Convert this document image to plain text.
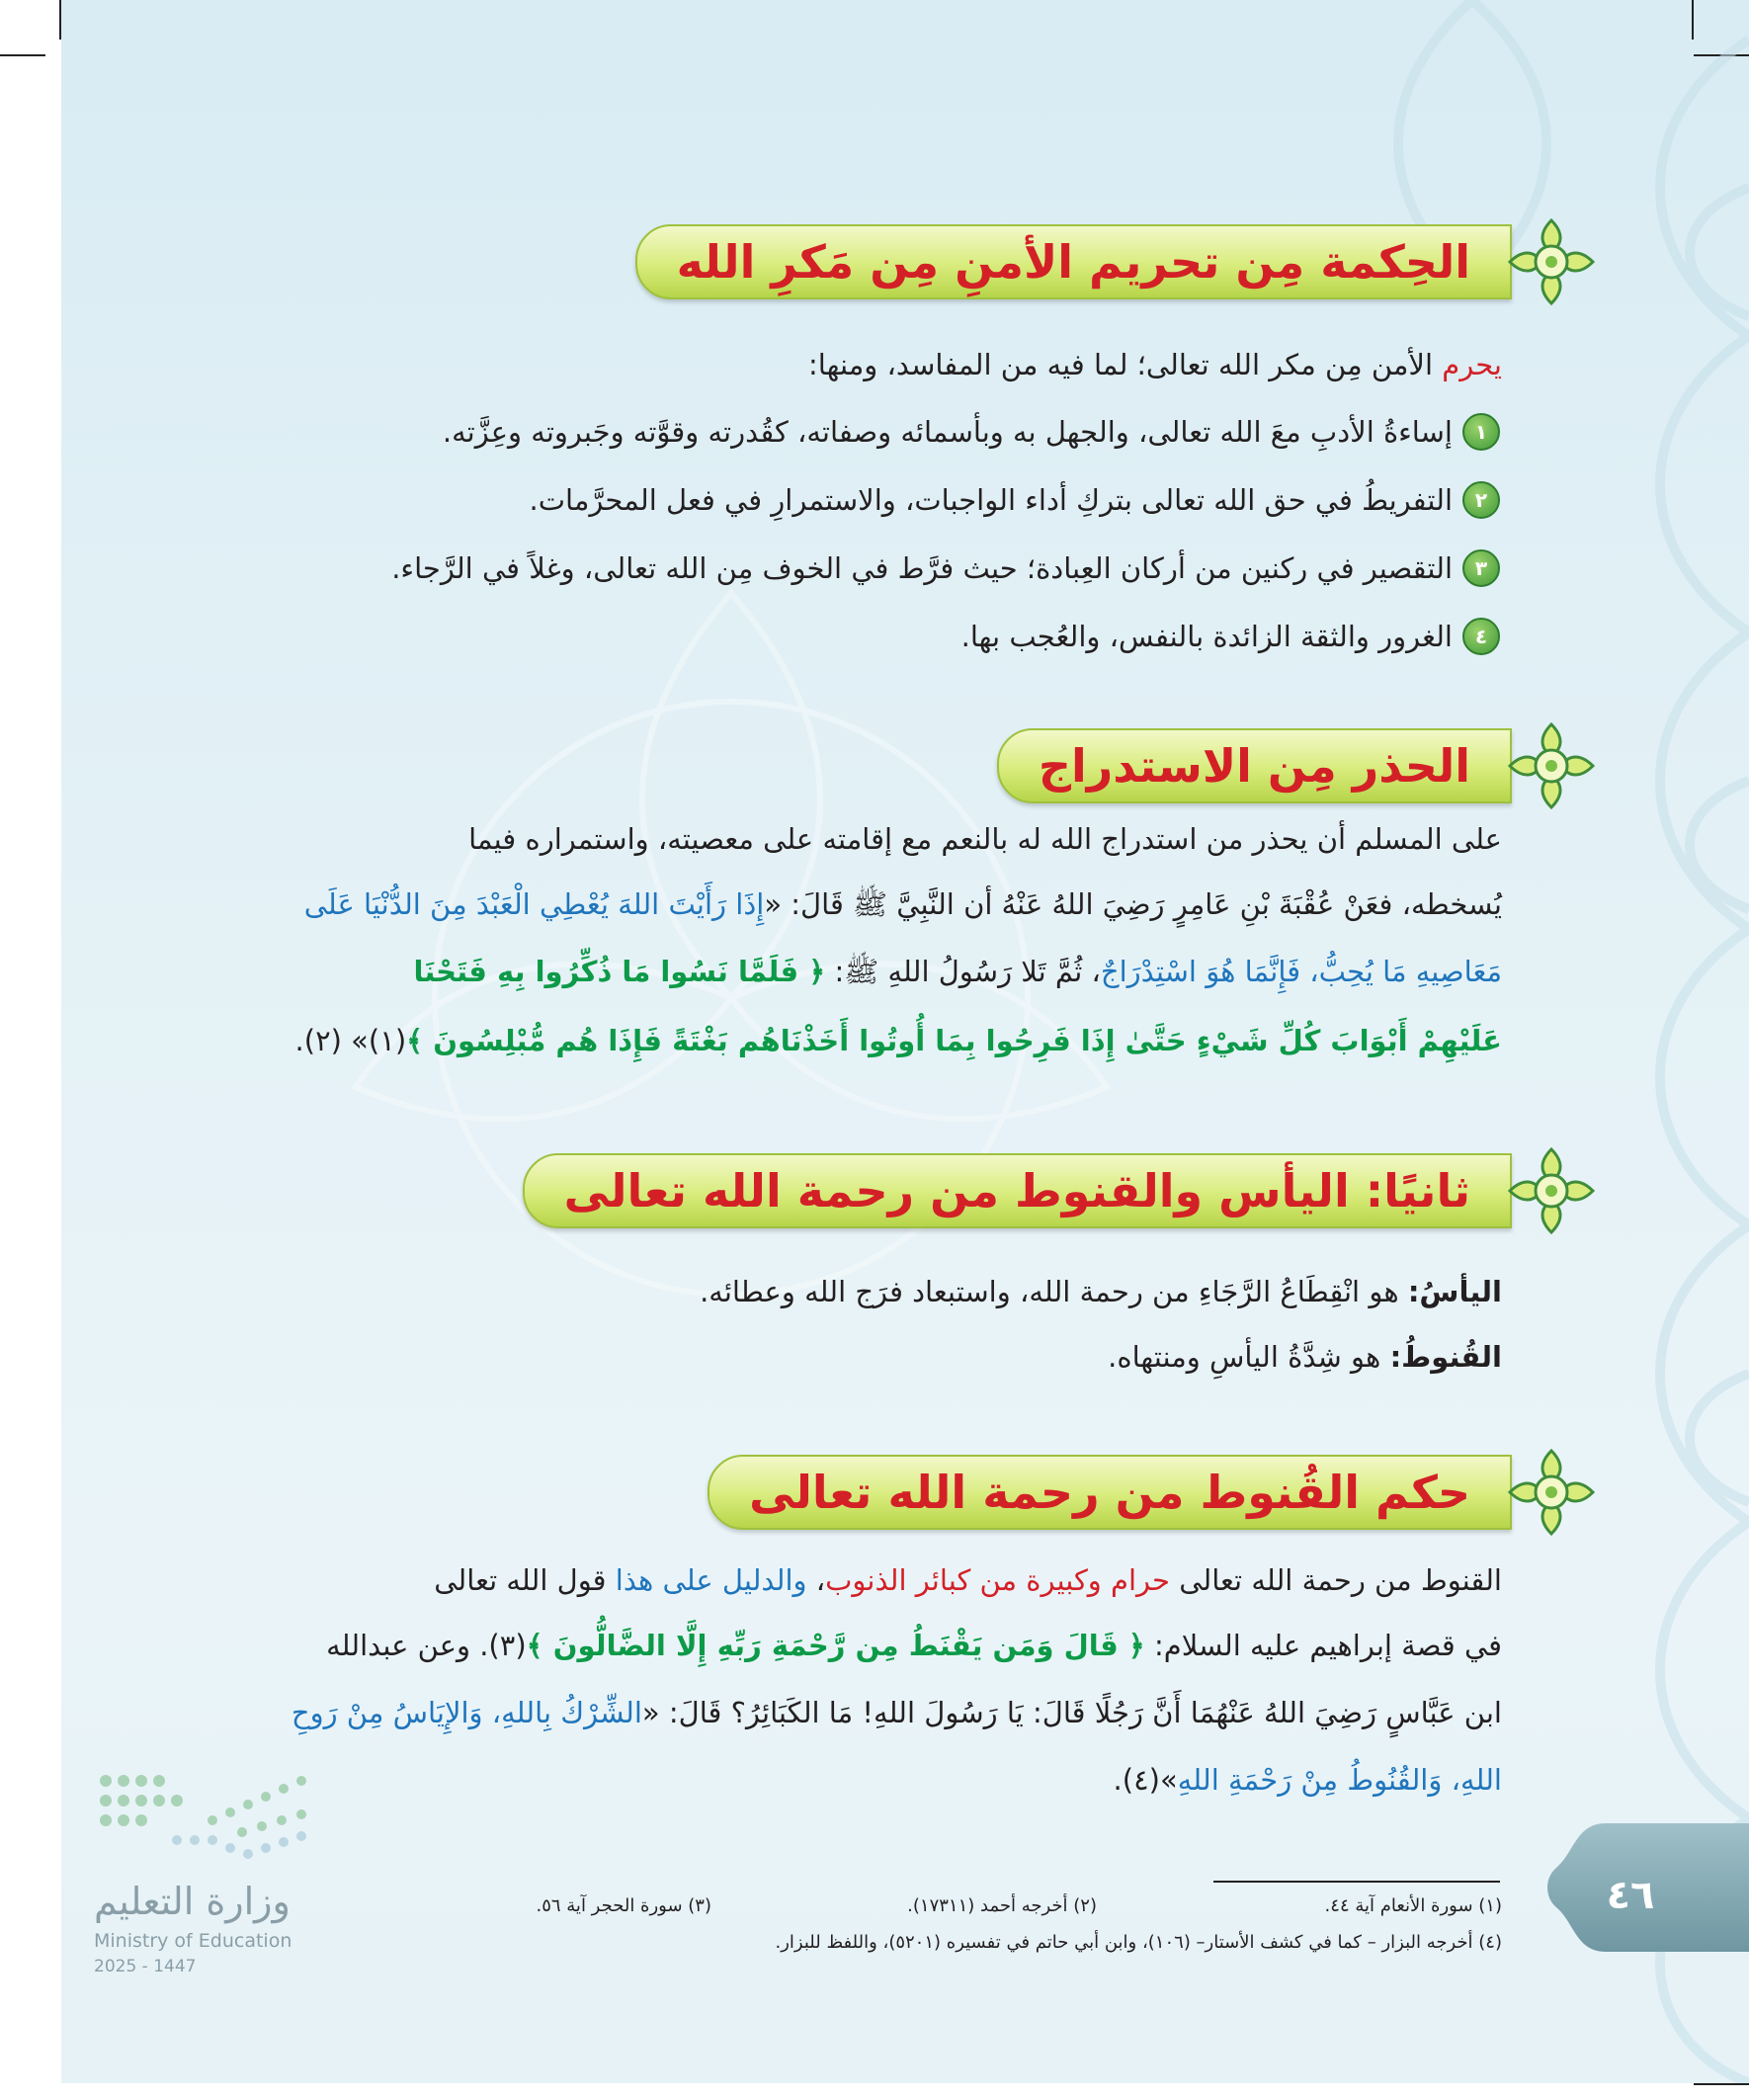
الحِكمة مِن تحريم الأمنِ مِن مَكرِ الله
يحرم الأمن مِن مكر الله تعالى؛ لما فيه من المفاسد، ومنها:
١
إساءةُ الأدبِ معَ الله تعالى، والجهل به وبأسمائه وصفاته، كقُدرته وقوَّته وجَبروته وعِزَّته.
٢
التفريطُ في حق الله تعالى بتركِ أداء الواجبات، والاستمرارِ في فعل المحرَّمات.
٣
التقصير في ركنين من أركان العِبادة؛ حيث فرَّط في الخوف مِن الله تعالى، وغلاً في الرَّجاء.
٤
الغرور والثقة الزائدة بالنفس، والعُجب بها.
الحذر مِن الاستدراج
على المسلم أن يحذر من استدراج الله له بالنعم مع إقامته على معصيته، واستمراره فيما
يُسخطه، فعَنْ عُقْبَةَ بْنِ عَامِرٍ رَضِيَ اللهُ عَنْهُ أن النَّبِيَّ ﷺ قَالَ: «إِذَا رَأَيْتَ اللهَ يُعْطِي الْعَبْدَ مِنَ الدُّنْيَا عَلَى
مَعَاصِيهِ مَا يُحِبُّ، فَإِنَّمَا هُوَ اسْتِدْرَاجٌ، ثُمَّ تَلا رَسُولُ اللهِ ﷺ: ﴿ فَلَمَّا نَسُوا مَا ذُكِّرُوا بِهِ فَتَحْنَا
عَلَيْهِمْ أَبْوَابَ كُلِّ شَيْءٍ حَتَّىٰ إِذَا فَرِحُوا بِمَا أُوتُوا أَخَذْنَاهُم بَغْتَةً فَإِذَا هُم مُّبْلِسُونَ ﴾(١)» (٢).
ثانيًا: اليأس والقنوط من رحمة الله تعالى
اليأسُ: هو انْقِطَاعُ الرَّجَاءِ من رحمة الله، واستبعاد فرَج الله وعطائه.
القُنوطُ: هو شِدَّةُ اليأسِ ومنتهاه.
حكم القُنوط من رحمة الله تعالى
القنوط من رحمة الله تعالى حرام وكبيرة من كبائر الذنوب، والدليل على هذا قول الله تعالى
في قصة إبراهيم عليه السلام: ﴿ قَالَ وَمَن يَقْنَطُ مِن رَّحْمَةِ رَبِّهِ إِلَّا الضَّالُّونَ ﴾(٣). وعن عبدالله
ابن عَبَّاسٍ رَضِيَ اللهُ عَنْهُمَا أَنَّ رَجُلًا قَالَ: يَا رَسُولَ اللهِ! مَا الكَبَائِرُ؟ قَالَ: «الشِّرْكُ بِاللهِ، وَالإِيَاسُ مِنْ رَوحِ
اللهِ، وَالقُنُوطُ مِنْ رَحْمَةِ اللهِ»(٤).
٤٦
(١) سورة الأنعام آية ٤٤.
(٢) أخرجه أحمد (١٧٣١١).
(٣) سورة الحجر آية ٥٦.
(٤) أخرجه البزار – كما في كشف الأستار– (١٠٦)، وابن أبي حاتم في تفسيره (٥٢٠١)، واللفظ للبزار.
وزارة التعليم
Ministry of Education
2025 - 1447
